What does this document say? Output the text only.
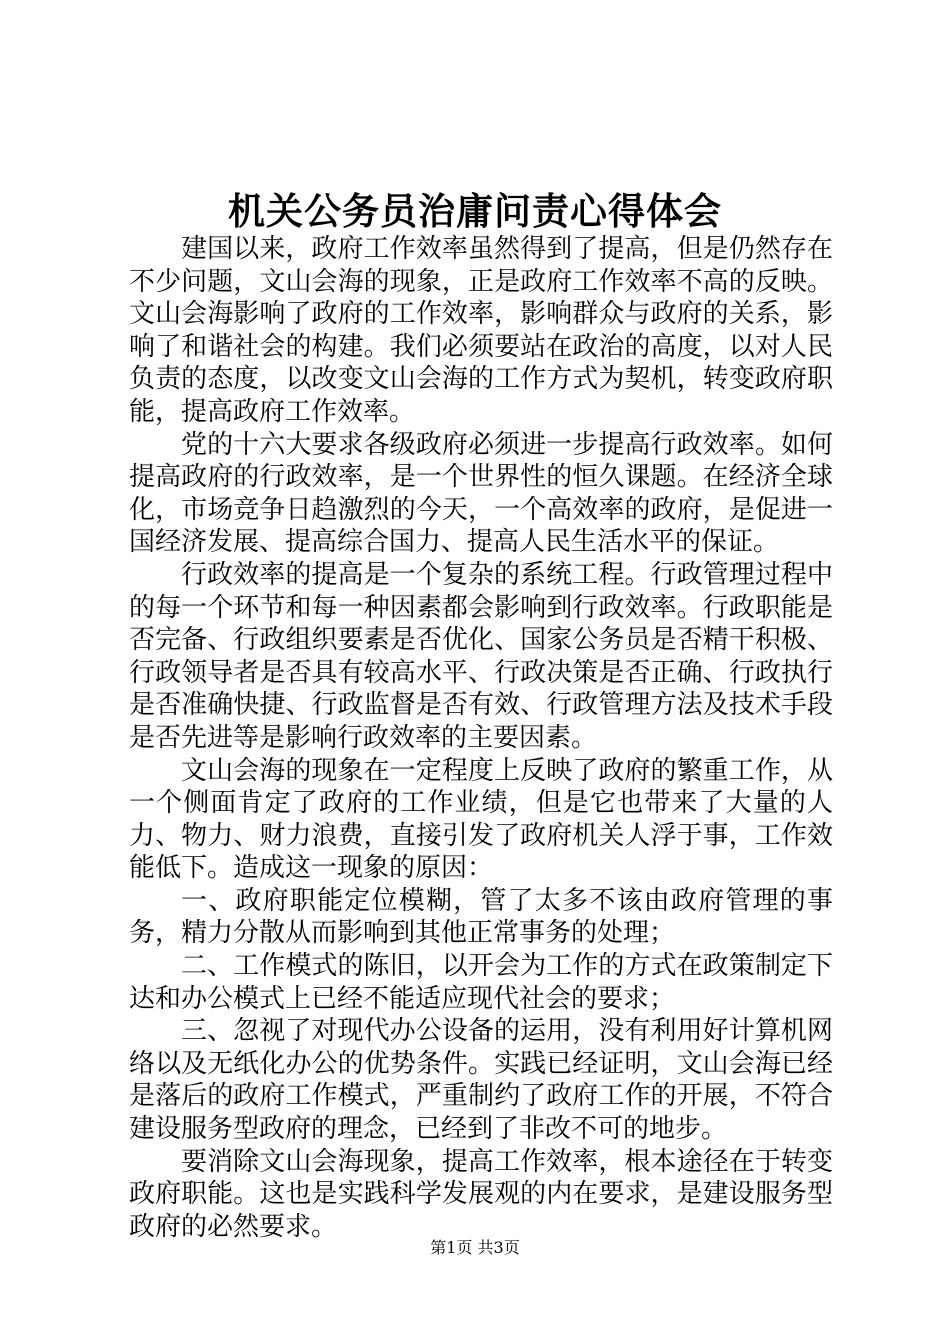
机关公务员治庸问责心得体会

建国以来，政府工作效率虽然得到了提高，但是仍然存在不少问题，文山会海的现象，正是政府工作效率不高的反映。文山会海影响了政府的工作效率，影响群众与政府的关系，影响了和谐社会的构建。我们必须要站在政治的高度，以对人民负责的态度，以改变文山会海的工作方式为契机，转变政府职能，提高政府工作效率。

党的十六大要求各级政府必须进一步提高行政效率。如何提高政府的行政效率，是一个世界性的恒久课题。在经济全球化，市场竞争日趋激烈的今天，一个高效率的政府，是促进一国经济发展、提高综合国力、提高人民生活水平的保证。

行政效率的提高是一个复杂的系统工程。行政管理过程中的每一个环节和每一种因素都会影响到行政效率。行政职能是否完备、行政组织要素是否优化、国家公务员是否精干积极、行政领导者是否具有较高水平、行政决策是否正确、行政执行是否准确快捷、行政监督是否有效、行政管理方法及技术手段是否先进等是影响行政效率的主要因素。

文山会海的现象在一定程度上反映了政府的繁重工作，从一个侧面肯定了政府的工作业绩，但是它也带来了大量的人力、物力、财力浪费，直接引发了政府机关人浮于事，工作效能低下。造成这一现象的原因：

一、政府职能定位模糊，管了太多不该由政府管理的事务，精力分散从而影响到其他正常事务的处理；

二、工作模式的陈旧，以开会为工作的方式在政策制定下达和办公模式上已经不能适应现代社会的要求；

三、忽视了对现代办公设备的运用，没有利用好计算机网络以及无纸化办公的优势条件。实践已经证明，文山会海已经是落后的政府工作模式，严重制约了政府工作的开展，不符合建设服务型政府的理念，已经到了非改不可的地步。

要消除文山会海现象，提高工作效率，根本途径在于转变政府职能。这也是实践科学发展观的内在要求，是建设服务型政府的必然要求。

第1页 共3页
